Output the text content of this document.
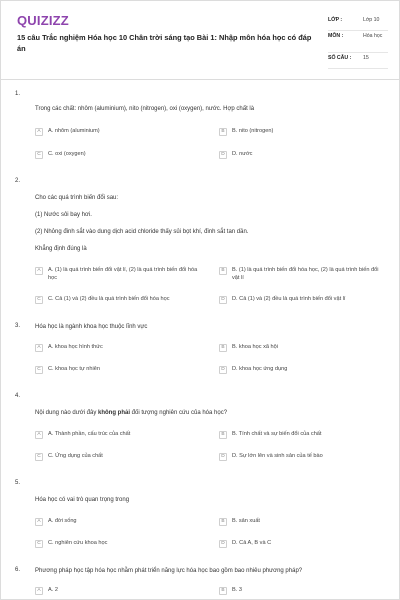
QUIZIZZ
15 câu Trắc nghiệm Hóa học 10 Chân trời sáng tạo Bài 1: Nhập môn hóa học có đáp án
LỚP :	Lớp 10
MÔN :	Hóa học
SỐ CÂU : 15
1.
Trong các chất: nhôm (aluminium), nito (nitrogen), oxi (oxygen), nước. Hợp chất là
A	A. nhôm (aluminium)	B	B. nito (nitrogen)
C	C. oxi (oxygen)	D	D. nước
2.
Cho các quá trình biến đổi sau:
(1) Nước sôi bay hơi.
(2) Nhỏng đinh sắt vào dung dịch acid chloride thấy sủi bọt khí, đinh sắt tan dần.
Khẳng định đúng là
A	A. (1) là quá trình biến đổi vật lí, (2) là quá trình biến đổi hóa học
B	B. (1) là quá trình biến đổi hóa học, (2) là quá trình biến đổi vật lí
C	C. Cả (1) và (2) đều là quá trình biến đổi hóa học	D	D. Cả (1) và (2) đều là quá trình biến đổi vật lí
3. Hóa học là ngành khoa học thuộc lĩnh vực
A	A. khoa học hình thức	B	B. khoa học xã hội
C	C. khoa học tự nhiên	D	D. khoa học ứng dụng
4.
Nội dung nào dưới đây không phải đối tượng nghiên cứu của hóa học?
A	A. Thành phần, cấu trúc của chất	B	B. Tính chất và sự biến đổi của chất
C	C. Ứng dụng của chất	D	D. Sự lớn lên và sinh sản của tế bào
5.
Hóa học có vai trò quan trọng trong
A	A. đời sống	B	B. sản xuất
C	C. nghiên cứu khoa học	D	D. Cả A, B và C
6. Phương pháp học tập hóa học nhằm phát triển năng lực hóa học bao gồm bao nhiêu phương pháp?
A	A. 2	B	B. 3
